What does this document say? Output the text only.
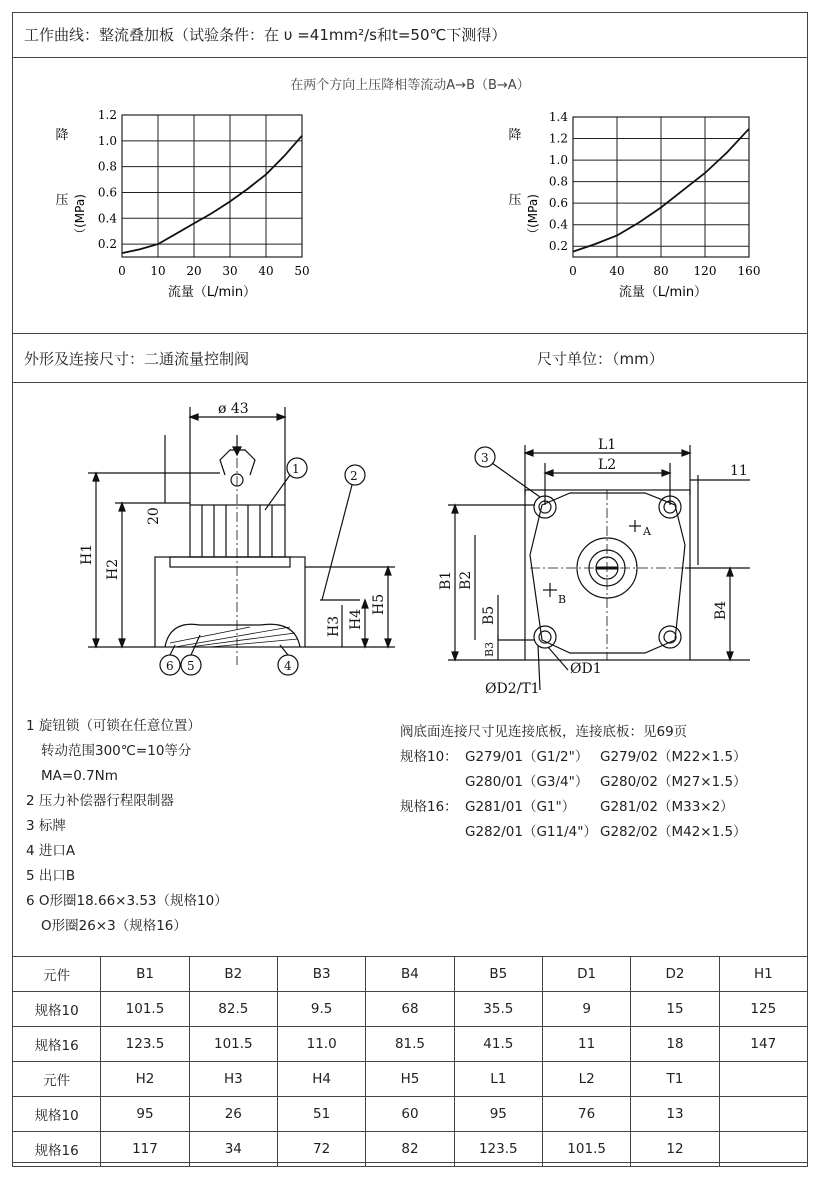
工作曲线：整流叠加板（试验条件：在 υ =41mm²/s和t=50℃下测得）
在两个方向上压降相等流动A→B（B→A）
0.2
0.4
0.6
0.8
1.0
1.2
0 10 20 30 40 50
流量（L/min）
降
压 （(MPa)
0.2
0.4
0.6
0.8
1.0
1.2
1.4
0	40 80 120 160
流量（L/min）
降
压 （(MPa)
外形及连接尺寸：二通流量控制阀	尺寸单位：（mm）
ø 43
20
H1
H2
H3 H4
H5
1	2
6 5	4
L1
L2	11
B1 B2
B5
B3
B4
ØD1
ØD2/T1
A
B
3
1 旋钮锁（可锁在任意位置）
转动范围300℃=10等分
MA=0.7Nm
2 压力补偿器行程限制器
3 标牌
4 进口A
5 出口B
6 O形圈18.66×3.53（规格10）
O形圈26×3（规格16）
阀底面连接尺寸见连接底板，连接底板：见69页
规格10： G279/01（G1/2"） G279/02（M22×1.5）
G280/01（G3/4"） G280/02（M27×1.5）
规格16： G281/01（G1"） G281/02（M33×2）
G282/01（G11/4"） G282/02（M42×1.5）
元件	B1	B2	B3	B4	B5	D1	D2	H1
规格10	101.5	82.5	9.5	68	35.5	9	15	125
规格16	123.5	101.5	11.0	81.5	41.5	11	18	147
元件	H2	H3	H4	H5	L1	L2	T1	
规格10	95	26	51	60	95	76	13	
规格16	117	34	72	82	123.5	101.5	12	
